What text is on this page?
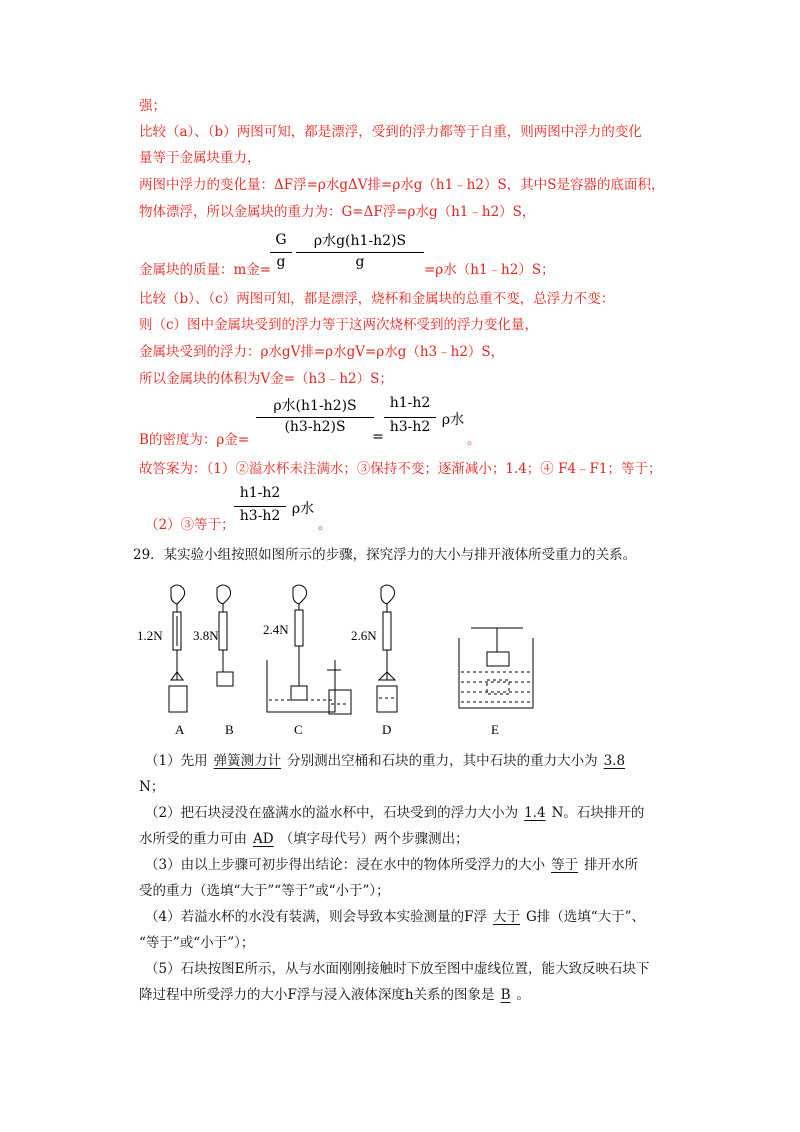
强；
比较（a）、（b）两图可知，都是漂浮，受到的浮力都等于自重，则两图中浮力的变化
量等于金属块重力，
两图中浮力的变化量：ΔF浮=ρ水gΔV排=ρ水g（h1﹣h2）S，其中S是容器的底面积，
物体漂浮，所以金属块的重力为：G=ΔF浮=ρ水g（h1﹣h2）S，
G
g
ρ水g(h1-h2)S
g
金属块的质量：m金=	=ρ水（h1﹣h2）S；
比较（b）、（c）两图可知，都是漂浮，烧杯和金属块的总重不变，总浮力不变：
则（c）图中金属块受到的浮力等于这两次烧杯受到的浮力变化量，
金属块受到的浮力：ρ水gV排=ρ水gV=ρ水g（h3﹣h2）S，
所以金属块的体积为V金=（h3﹣h2）S；
ρ水(h1-h2)S
(h3-h2)S
=
h1-h2
h3-h2 ρ水
B的密度为：ρ金=	。
故答案为：（1）②溢水杯未注满水；③保持不变；逐渐减小；1.4；④ F4﹣F1；等于；
h1-h2
h3-h2 ρ水
（2）③等于；	。
29．某实验小组按照如图所示的步骤，探究浮力的大小与排开液体所受重力的关系。
1.2N 3.8N	2.4N	2.6N
A	B	C	D	E
（1）先用 弹簧测力计 分别测出空桶和石块的重力，其中石块的重力大小为 3.8
N；
（2）把石块浸没在盛满水的溢水杯中，石块受到的浮力大小为 1.4 N。石块排开的
水所受的重力可由 AD （填字母代号）两个步骤测出；
（3）由以上步骤可初步得出结论：浸在水中的物体所受浮力的大小 等于 排开水所
受的重力（选填“大于”“等于”或“小于”）；
（4）若溢水杯的水没有装满，则会导致本实验测量的F浮 大于 G排（选填“大于”、
“等于”或“小于”）；
（5）石块按图E所示，从与水面刚刚接触时下放至图中虚线位置，能大致反映石块下
降过程中所受浮力的大小F浮与浸入液体深度h关系的图象是 B 。
